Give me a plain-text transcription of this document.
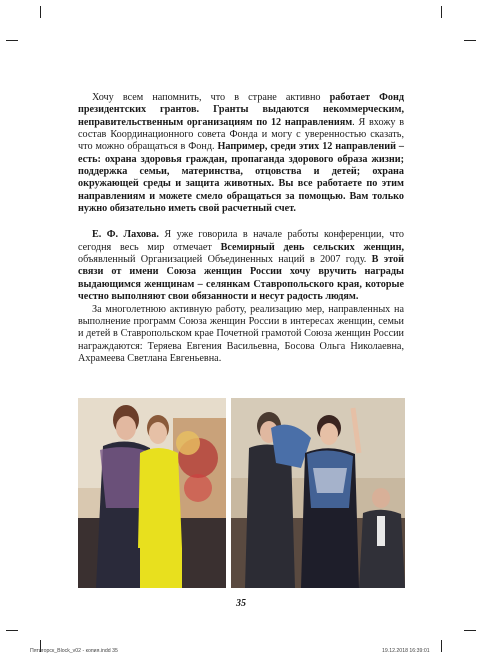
Хочу всем напомнить, что в стране активно работает Фонд президентских грантов. Гранты выдаются некоммерческим, неправительственным организациям по 12 направлениям. Я вхожу в состав Координационного совета Фонда и могу с уверенностью сказать, что можно обращаться в Фонд. Например, среди этих 12 направлений – есть: охрана здоровья граждан, пропаганда здорового образа жизни; поддержка семьи, материнства, отцовства и детей; охрана окружающей среды и защита животных. Вы все работаете по этим направлениям и можете смело обращаться за помощью. Вам только нужно обязательно иметь свой расчетный счет.

Е. Ф. Лахова. Я уже говорила в начале работы конференции, что сегодня весь мир отмечает Всемирный день сельских женщин, объявленный Организацией Объединенных наций в 2007 году. В этой связи от имени Союза женщин России хочу вручить награды выдающимся женщинам – селянкам Ставропольского края, которые честно выполняют свои обязанности и несут радость людям.

За многолетнюю активную работу, реализацию мер, направленных на выполнение программ Союза женщин России в интересах женщин, семьи и детей в Ставропольском крае Почетной грамотой Союза женщин России награждаются: Теряева Евгения Васильевна, Босова Ольга Николаевна, Ахрамеева Светлана Евгеньевна.

35
Пятигорск_Block_v02 - копия.indd 35	19.12.2018 16:39:01
